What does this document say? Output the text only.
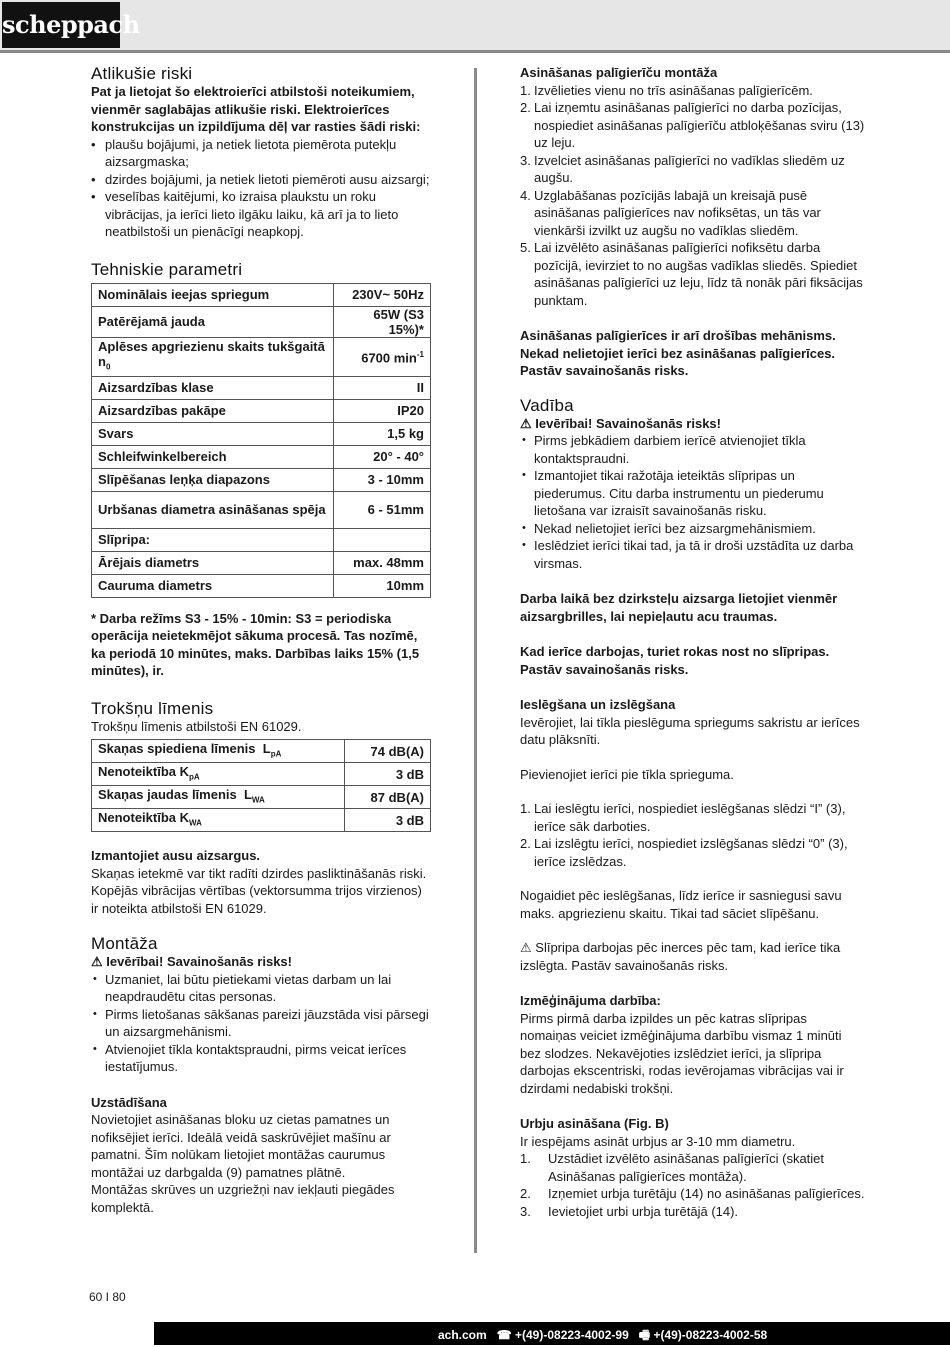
scheppach
Atlikušie riski

Pat ja lietojat šo elektroierīci atbilstoši noteikumiem, vienmēr saglabājas atlikušie riski. Elektroierīces konstrukcijas un izpildījuma dēļ var rasties šādi riski:

• plaušu bojājumi, ja netiek lietota piemērota putekļu aizsargmaska;
• dzirdes bojājumi, ja netiek lietoti piemēroti ausu aizsargi;
• veselības kaitējumi, ko izraisa plaukstu un roku vibrācijas, ja ierīci lieto ilgāku laiku, kā arī ja to lieto neatbilstoši un pienācīgi neapkopj.
Tehniskie parametri
Nominālais ieejas spriegum	230V~ 50Hz
Patērējamā jauda	65W (S3 15%)*
Aplēses apgriezienu skaits tukšgaitā $n_0$	6700 $\min^{-1}$
Aizsardzības klase	II
Aizsardzības pakāpe	IP20
Svars	1,5 kg
Schleifwinkelbereich	20° - 40°
Slīpēšanas leņķa diapazons	3 - 10mm
Urbšanas diametra asināšanas spēja	6 - 51mm
Slīpripa:	
Ārējais diametrs	max. 48mm
Cauruma diametrs	10mm

* Darba režīms S3 - 15% - 10min: S3 = periodiska operācija neietekmējot sākuma procesā. Tas nozīmē, ka periodā 10 minūtes, maks. Darbības laiks 15% (1,5 minūtes), ir.

Trokšņu līmenis

Trokšņu līmenis atbilstoši EN 61029.

Skaņas spiediena līmenis  $L_{pA}$	74 dB(A)
Nenoteiktība $K_{pA}$	3 dB
Skaņas jaudas līmenis  $L_{WA}$	87 dB(A)
Nenoteiktība $K_{WA}$	3 dB

Izmantojiet ausu aizsargus.

Skaņas ietekmē var tikt radīti dzirdes pasliktināšanās riski. Kopējās vibrācijas vērtības (vektorsumma trijos virzienos) ir noteikta atbilstoši EN 61029.

Montāža

⚠ Ievērībai! Savainošanās risks!

• Uzmaniet, lai būtu pietiekami vietas darbam un lai neapdraudētu citas personas.
• Pirms lietošanas sākšanas pareizi jāuzstāda visi pārsegi un aizsargmehānismi.
• Atvienojiet tīkla kontaktspraudni, pirms veicat ierīces iestatījumus.

Uzstādīšana

Novietojiet asināšanas bloku uz cietas pamatnes un nofiksējiet ierīci. Ideālā veidā saskrūvējiet mašīnu ar pamatni. Šīm nolūkam lietojiet montāžas caurumus montāžai uz darbgalda (9) pamatnes plātnē.

Montāžas skrūves un uzgriežņi nav iekļauti piegādes komplektā.

Asināšanas palīgierīču montāža

1. Izvēlieties vienu no trīs asināšanas palīgierīcēm.
2. Lai izņemtu asināšanas palīgierīci no darba pozīcijas, nospiediet asināšanas palīgierīču atbloķēšanas sviru (13) uz leju.
3. Izvelciet asināšanas palīgierīci no vadīklas sliedēm uz augšu.
4. Uzglabāšanas pozīcijās labajā un kreisajā pusē asināšanas palīgierīces nav nofiksētas, un tās var vienkārši izvilkt uz augšu no vadīklas sliedēm.
5. Lai izvēlēto asināšanas palīgierīci nofiksētu darba pozīcijā, ievirziet to no augšas vadīklas sliedēs. Spiediet asināšanas palīgierīci uz leju, līdz tā nonāk pāri fiksācijas punktam.

Asināšanas palīgierīces ir arī drošības mehānisms. Nekad nelietojiet ierīci bez asināšanas palīgierīces. Pastāv savainošanās risks.

Vadība

⚠ Ievērībai! Savainošanās risks!

• Pirms jebkādiem darbiem ierīcē atvienojiet tīkla kontaktspraudni.
• Izmantojiet tikai ražotāja ieteiktās slīpripas un piederumus. Citu darba instrumentu un piederumu lietošana var izraisīt savainošanās risku.
• Nekad nelietojiet ierīci bez aizsargmehānismiem.
• Ieslēdziet ierīci tikai tad, ja tā ir droši uzstādīta uz darba virsmas.

Darba laikā bez dzirksteļu aizsarga lietojiet vienmēr aizsargbrilles, lai nepieļautu acu traumas.

Kad ierīce darbojas, turiet rokas nost no slīpripas. Pastāv savainošanās risks.

Ieslēgšana un izslēgšana

Ievērojiet, lai tīkla pieslēguma spriegums sakristu ar ierīces datu plāksnīti.

Pievienojiet ierīci pie tīkla sprieguma.

1. Lai ieslēgtu ierīci, nospiediet ieslēgšanas slēdzi “I” (3), ierīce sāk darboties.
2. Lai izslēgtu ierīci, nospiediet izslēgšanas slēdzi “0” (3), ierīce izslēdzas.

Nogaidiet pēc ieslēgšanas, līdz ierīce ir sasniegusi savu maks. apgriezienu skaitu. Tikai tad sāciet slīpēšanu.

⚠ Slīpripa darbojas pēc inerces pēc tam, kad ierīce tika izslēgta. Pastāv savainošanās risks.

Izmēģinājuma darbība:

Pirms pirmā darba izpildes un pēc katras slīpripas nomaiņas veiciet izmēģinājuma darbību vismaz 1 minūti bez slodzes. Nekavējoties izslēdziet ierīci, ja slīpripa darbojas ekscentriski, rodas ievērojamas vibrācijas vai ir dzirdami nedabiski trokšņi.

Urbju asināšana (Fig. B)

Ir iespējams asināt urbjus ar 3-10 mm diametru.

1. Uzstādiet izvēlēto asināšanas palīgierīci (skatiet Asināšanas palīgierīces montāža).
2. Izņemiet urbja turētāju (14) no asināšanas palīgierīces.
3. Ievietojiet urbi urbja turētājā (14).
60 I 80
ach.com ☎ +(49)-08223-4002-99 🖷 +(49)-08223-4002-58
